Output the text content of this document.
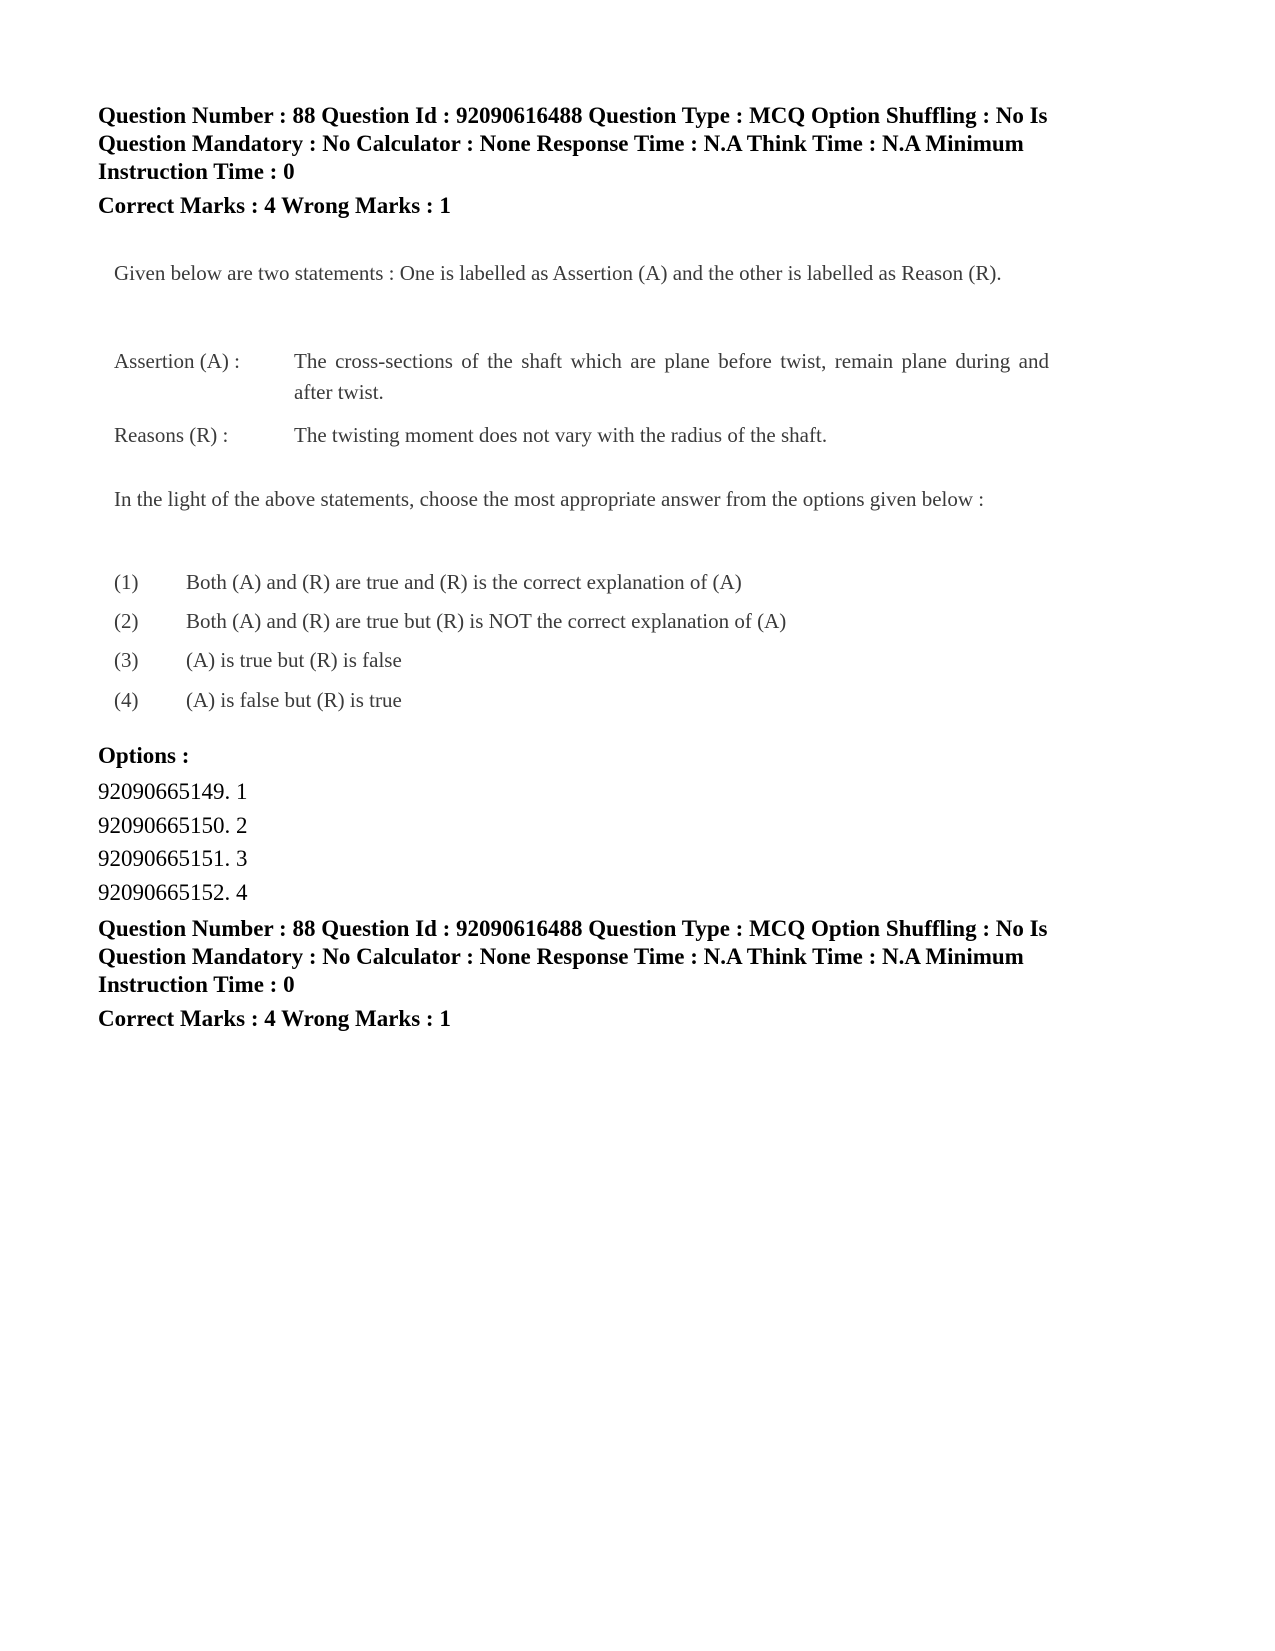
Question Number : 88 Question Id : 92090616488 Question Type : MCQ Option Shuffling : No Is
Question Mandatory : No Calculator : None Response Time : N.A Think Time : N.A Minimum
Instruction Time : 0
Correct Marks : 4 Wrong Marks : 1
Given below are two statements : One is labelled as Assertion (A) and the other is labelled as Reason (R).
Assertion (A) :	The cross-sections of the shaft which are plane before twist, remain plane during and after twist.
Reasons (R) :	The twisting moment does not vary with the radius of the shaft.
In the light of the above statements, choose the most appropriate answer from the options given below :
(1) Both (A) and (R) are true and (R) is the correct explanation of (A)
(2) Both (A) and (R) are true but (R) is NOT the correct explanation of (A)
(3) (A) is true but (R) is false
(4) (A) is false but (R) is true
Options :
92090665149. 1
92090665150. 2
92090665151. 3
92090665152. 4
Question Number : 88 Question Id : 92090616488 Question Type : MCQ Option Shuffling : No Is
Question Mandatory : No Calculator : None Response Time : N.A Think Time : N.A Minimum
Instruction Time : 0
Correct Marks : 4 Wrong Marks : 1
